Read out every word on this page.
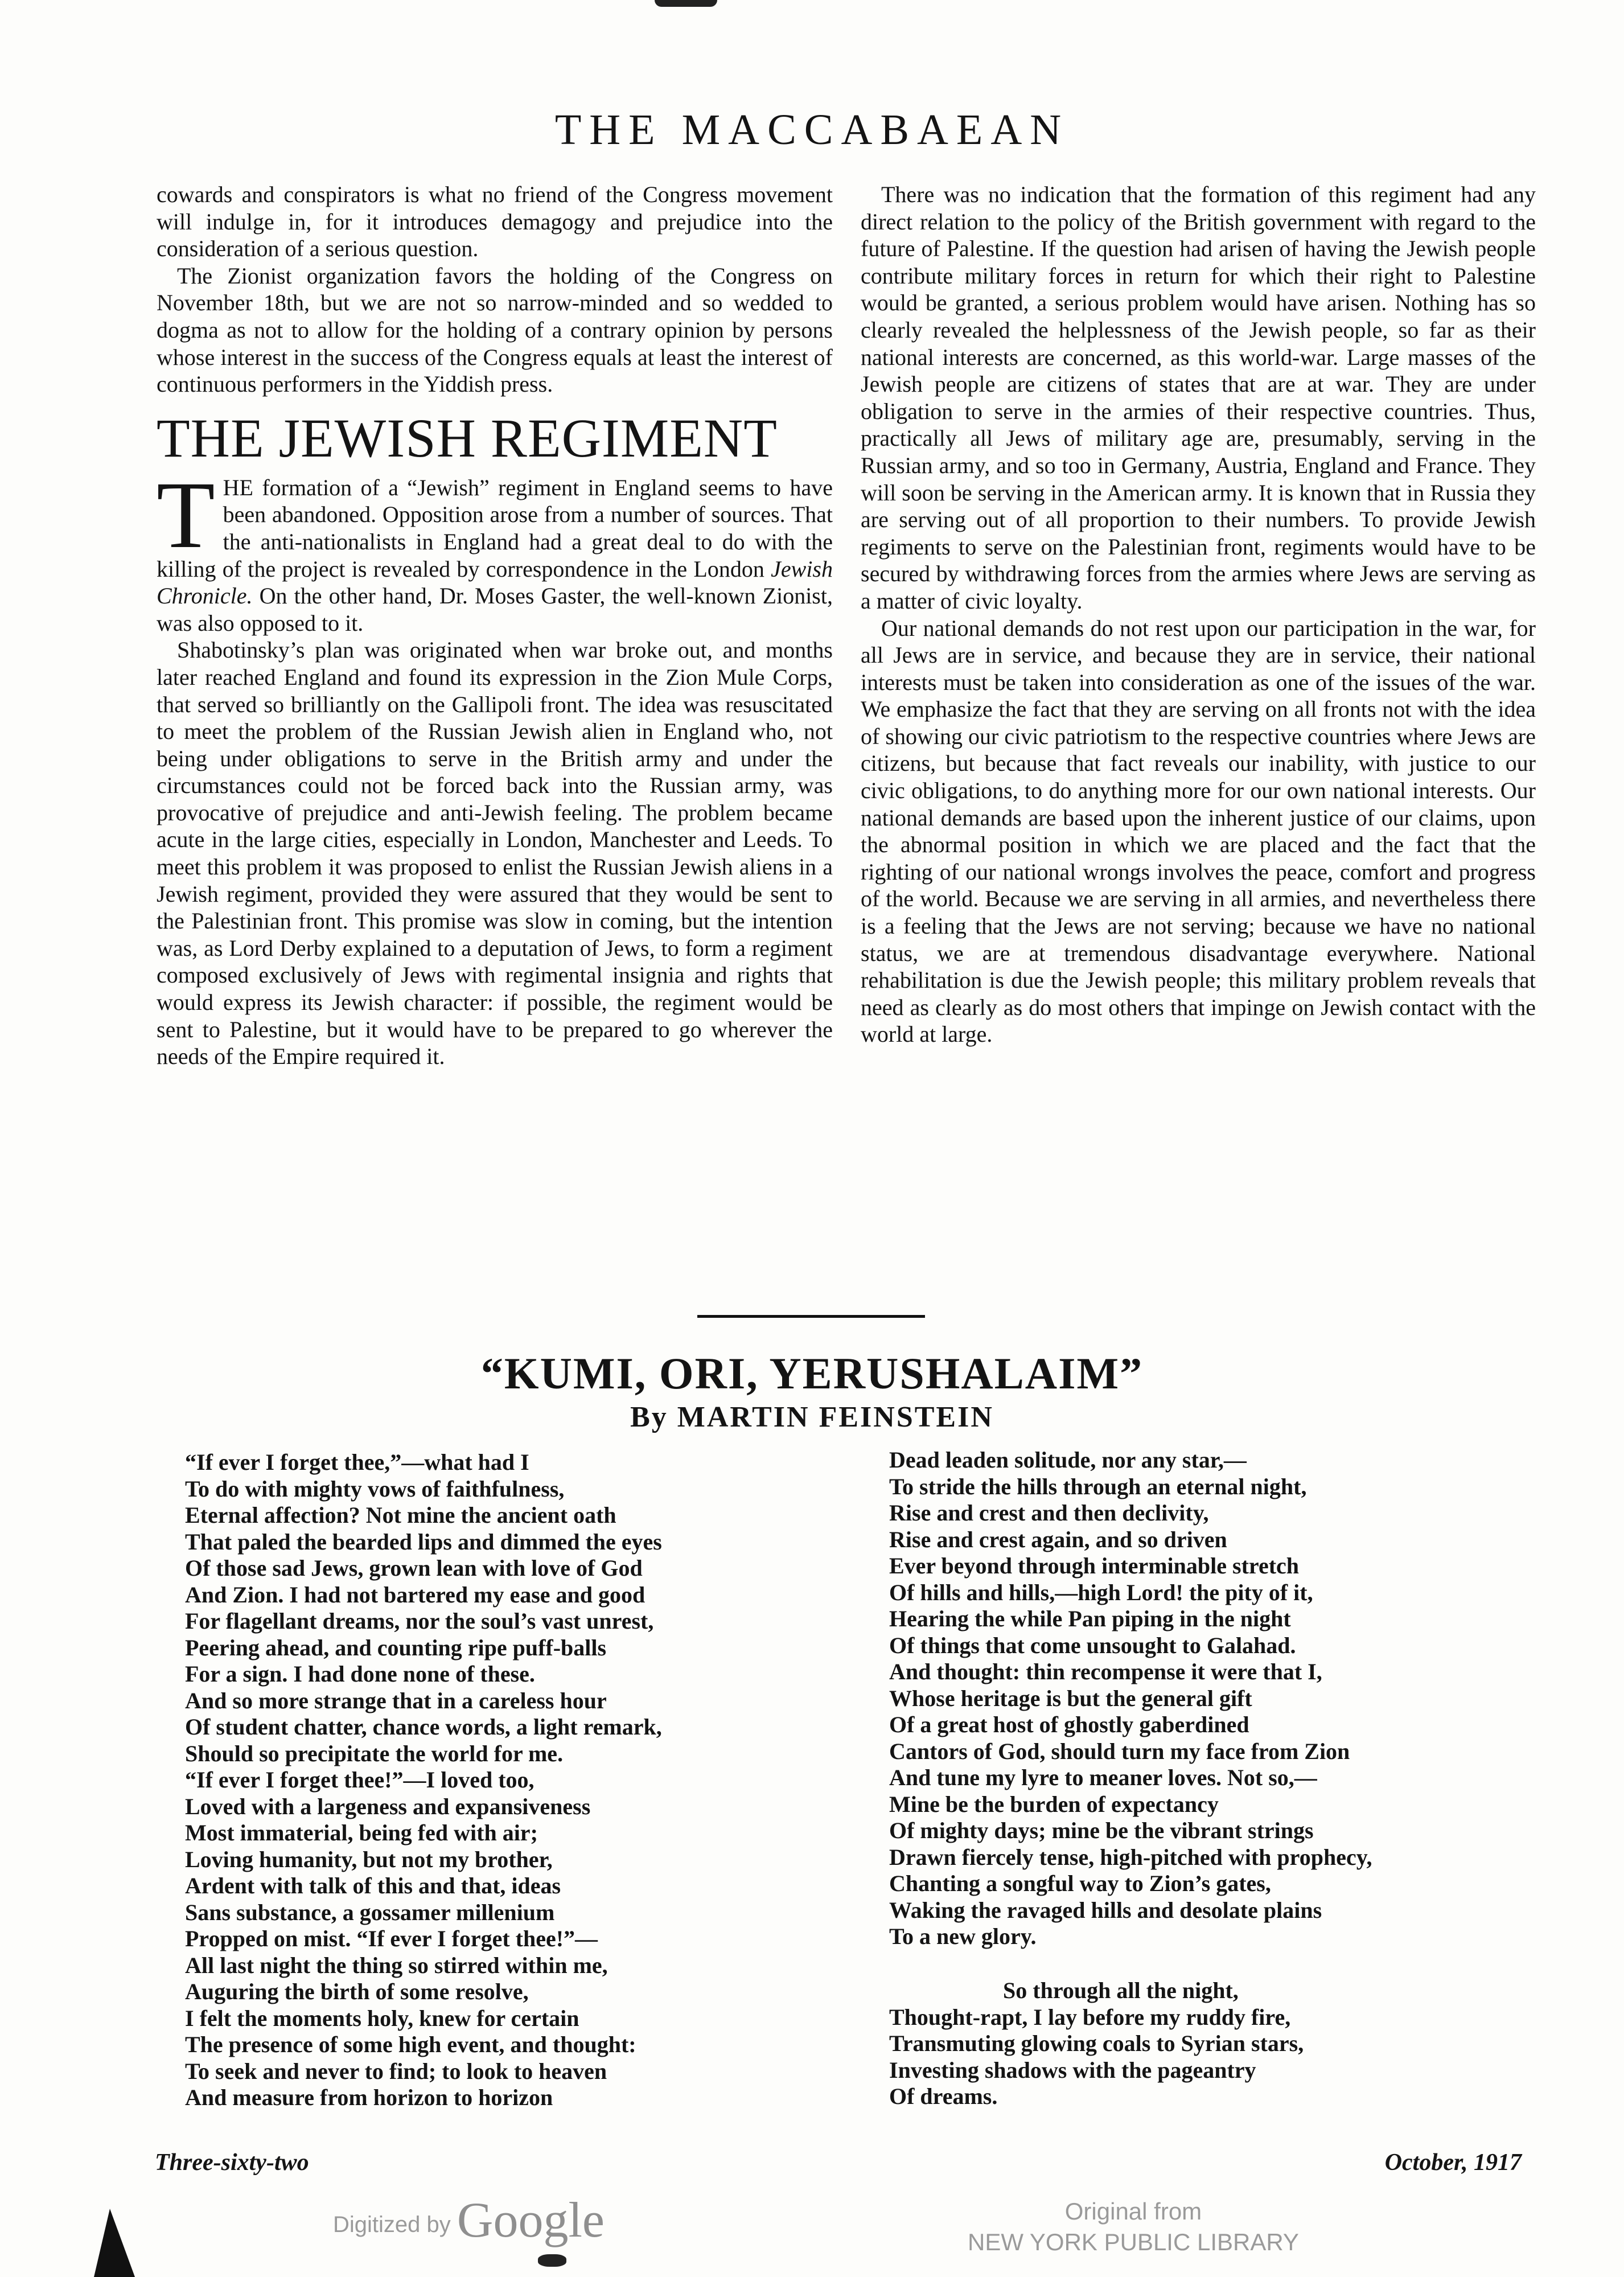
THE MACCABAEAN

cowards and conspirators is what no friend of the Congress movement will indulge in, for it introduces demagogy and prejudice into the consideration of a serious question.

The Zionist organization favors the holding of the Congress on November 18th, but we are not so narrow-minded and so wedded to dogma as not to allow for the holding of a contrary opinion by persons whose interest in the success of the Congress equals at least the interest of continuous performers in the Yiddish press.

THE JEWISH REGIMENT

THE formation of a “Jewish” regiment in England seems to have been abandoned. Opposition arose from a number of sources. That the anti-nationalists in England had a great deal to do with the killing of the project is revealed by correspondence in the London Jewish Chronicle. On the other hand, Dr. Moses Gaster, the well-known Zionist, was also opposed to it.

Shabotinsky’s plan was originated when war broke out, and months later reached England and found its expression in the Zion Mule Corps, that served so brilliantly on the Gallipoli front. The idea was resuscitated to meet the problem of the Russian Jewish alien in England who, not being under obligations to serve in the British army and under the circumstances could not be forced back into the Russian army, was provocative of prejudice and anti-Jewish feeling. The problem became acute in the large cities, especially in London, Manchester and Leeds. To meet this problem it was proposed to enlist the Russian Jewish aliens in a Jewish regiment, provided they were assured that they would be sent to the Palestinian front. This promise was slow in coming, but the intention was, as Lord Derby explained to a deputation of Jews, to form a regiment composed exclusively of Jews with regimental insignia and rights that would express its Jewish character: if possible, the regiment would be sent to Palestine, but it would have to be prepared to go wherever the needs of the Empire required it.

There was no indication that the formation of this regiment had any direct relation to the policy of the British government with regard to the future of Palestine. If the question had arisen of having the Jewish people contribute military forces in return for which their right to Palestine would be granted, a serious problem would have arisen. Nothing has so clearly revealed the helplessness of the Jewish people, so far as their national interests are concerned, as this world-war. Large masses of the Jewish people are citizens of states that are at war. They are under obligation to serve in the armies of their respective countries. Thus, practically all Jews of military age are, presumably, serving in the Russian army, and so too in Germany, Austria, England and France. They will soon be serving in the American army. It is known that in Russia they are serving out of all proportion to their numbers. To provide Jewish regiments to serve on the Palestinian front, regiments would have to be secured by withdrawing forces from the armies where Jews are serving as a matter of civic loyalty.

Our national demands do not rest upon our participation in the war, for all Jews are in service, and because they are in service, their national interests must be taken into consideration as one of the issues of the war. We emphasize the fact that they are serving on all fronts not with the idea of showing our civic patriotism to the respective countries where Jews are citizens, but because that fact reveals our inability, with justice to our civic obligations, to do anything more for our own national interests. Our national demands are based upon the inherent justice of our claims, upon the abnormal position in which we are placed and the fact that the righting of our national wrongs involves the peace, comfort and progress of the world. Because we are serving in all armies, and nevertheless there is a feeling that the Jews are not serving; because we have no national status, we are at tremendous disadvantage everywhere. National rehabilitation is due the Jewish people; this military problem reveals that need as clearly as do most others that impinge on Jewish contact with the world at large.

“KUMI, ORI, YERUSHALAIM”
By MARTIN FEINSTEIN
“If ever I forget thee,”—what had I
To do with mighty vows of faithfulness,
Eternal affection? Not mine the ancient oath
That paled the bearded lips and dimmed the eyes
Of those sad Jews, grown lean with love of God
And Zion. I had not bartered my ease and good
For flagellant dreams, nor the soul’s vast unrest,
Peering ahead, and counting ripe puff-balls
For a sign. I had done none of these.
And so more strange that in a careless hour
Of student chatter, chance words, a light remark,
Should so precipitate the world for me.
“If ever I forget thee!”—I loved too,
Loved with a largeness and expansiveness
Most immaterial, being fed with air;
Loving humanity, but not my brother,
Ardent with talk of this and that, ideas
Sans substance, a gossamer millenium
Propped on mist. “If ever I forget thee!”—
All last night the thing so stirred within me,
Auguring the birth of some resolve,
I felt the moments holy, knew for certain
The presence of some high event, and thought:
To seek and never to find; to look to heaven
And measure from horizon to horizon
Dead leaden solitude, nor any star,—
To stride the hills through an eternal night,
Rise and crest and then declivity,
Rise and crest again, and so driven
Ever beyond through interminable stretch
Of hills and hills,—high Lord! the pity of it,
Hearing the while Pan piping in the night
Of things that come unsought to Galahad.
And thought: thin recompense it were that I,
Whose heritage is but the general gift
Of a great host of ghostly gaberdined
Cantors of God, should turn my face from Zion
And tune my lyre to meaner loves. Not so,—
Mine be the burden of expectancy
Of mighty days; mine be the vibrant strings
Drawn fiercely tense, high-pitched with prophecy,
Chanting a songful way to Zion’s gates,
Waking the ravaged hills and desolate plains
To a new glory.
So through all the night,
Thought-rapt, I lay before my ruddy fire,
Transmuting glowing coals to Syrian stars,
Investing shadows with the pageantry
Of dreams.
Three-sixty-two	October, 1917
Digitized by Google	Original from
NEW YORK PUBLIC LIBRARY
